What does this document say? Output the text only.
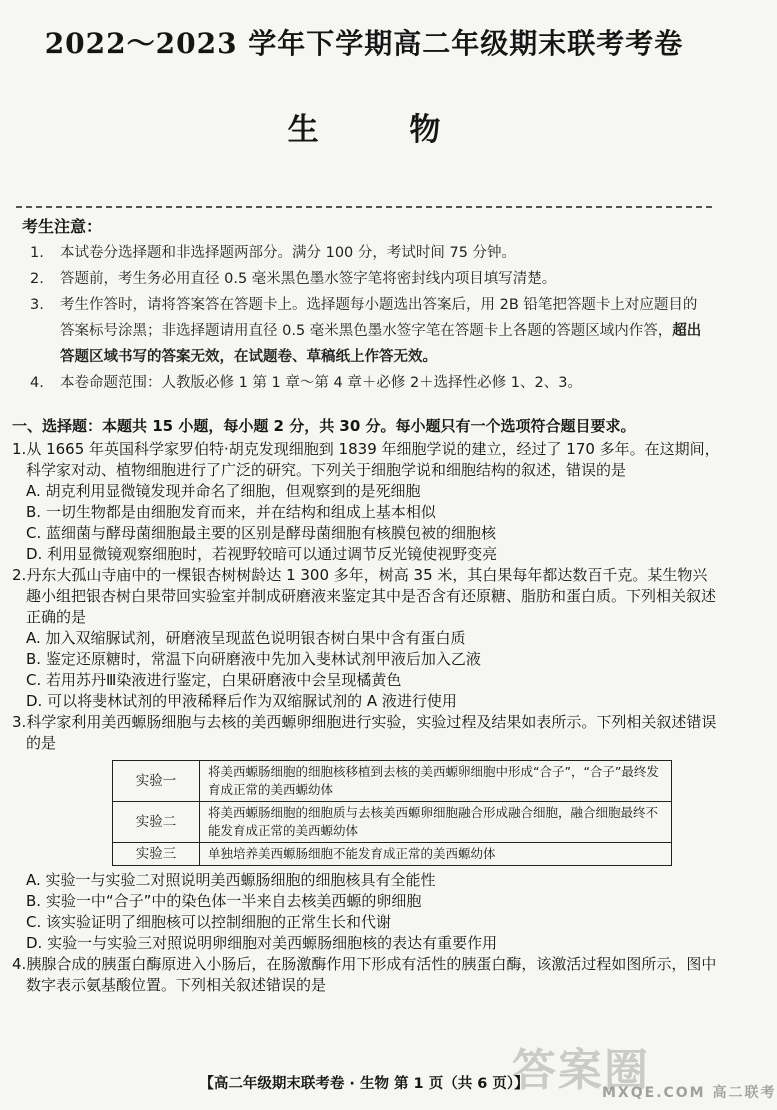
2022～2023 学年下学期高二年级期末联考考卷
生 物
考生注意：

1. 本试卷分选择题和非选择题两部分。满分 100 分，考试时间 75 分钟。

2. 答题前，考生务必用直径 0.5 毫米黑色墨水签字笔将密封线内项目填写清楚。

3. 考生作答时，请将答案答在答题卡上。选择题每小题选出答案后，用 2B 铅笔把答题卡上对应题目的答案标号涂黑；非选择题请用直径 0.5 毫米黑色墨水签字笔在答题卡上各题的答题区域内作答，超出答题区域书写的答案无效，在试题卷、草稿纸上作答无效。

4. 本卷命题范围：人教版必修 1 第 1 章～第 4 章＋必修 2＋选择性必修 1、2、3。

一、选择题：本题共 15 小题，每小题 2 分，共 30 分。每小题只有一个选项符合题目要求。

1.从 1665 年英国科学家罗伯特·胡克发现细胞到 1839 年细胞学说的建立，经过了 170 多年。在这期间，科学家对动、植物细胞进行了广泛的研究。下列关于细胞学说和细胞结构的叙述，错误的是

A. 胡克利用显微镜发现并命名了细胞，但观察到的是死细胞

B. 一切生物都是由细胞发育而来，并在结构和组成上基本相似

C. 蓝细菌与酵母菌细胞最主要的区别是酵母菌细胞有核膜包被的细胞核

D. 利用显微镜观察细胞时，若视野较暗可以通过调节反光镜使视野变亮

2.丹东大孤山寺庙中的一棵银杏树树龄达 1 300 多年，树高 35 米，其白果每年都达数百千克。某生物兴趣小组把银杏树白果带回实验室并制成研磨液来鉴定其中是否含有还原糖、脂肪和蛋白质。下列相关叙述正确的是

A. 加入双缩脲试剂，研磨液呈现蓝色说明银杏树白果中含有蛋白质

B. 鉴定还原糖时，常温下向研磨液中先加入斐林试剂甲液后加入乙液

C. 若用苏丹Ⅲ染液进行鉴定，白果研磨液中会呈现橘黄色

D. 可以将斐林试剂的甲液稀释后作为双缩脲试剂的 A 液进行使用

3.科学家利用美西螈肠细胞与去核的美西螈卵细胞进行实验，实验过程及结果如表所示。下列相关叙述错误的是

实验一	将美西螈肠细胞的细胞核移植到去核的美西螈卵细胞中形成“合子”，“合子”最终发育成正常的美西螈幼体
实验二	将美西螈肠细胞的细胞质与去核美西螈卵细胞融合形成融合细胞，融合细胞最终不能发育成正常的美西螈幼体
实验三	单独培养美西螈肠细胞不能发育成正常的美西螈幼体

A. 实验一与实验二对照说明美西螈肠细胞的细胞核具有全能性

B. 实验一中“合子”中的染色体一半来自去核美西螈的卵细胞

C. 该实验证明了细胞核可以控制细胞的正常生长和代谢

D. 实验一与实验三对照说明卵细胞对美西螈肠细胞核的表达有重要作用

4.胰腺合成的胰蛋白酶原进入小肠后，在肠激酶作用下形成有活性的胰蛋白酶，该激活过程如图所示，图中数字表示氨基酸位置。下列相关叙述错误的是

【高二年级期末联考卷 · 生物 第 1 页（共 6 页）】
答案圈
MXQE.COM 高二联考
